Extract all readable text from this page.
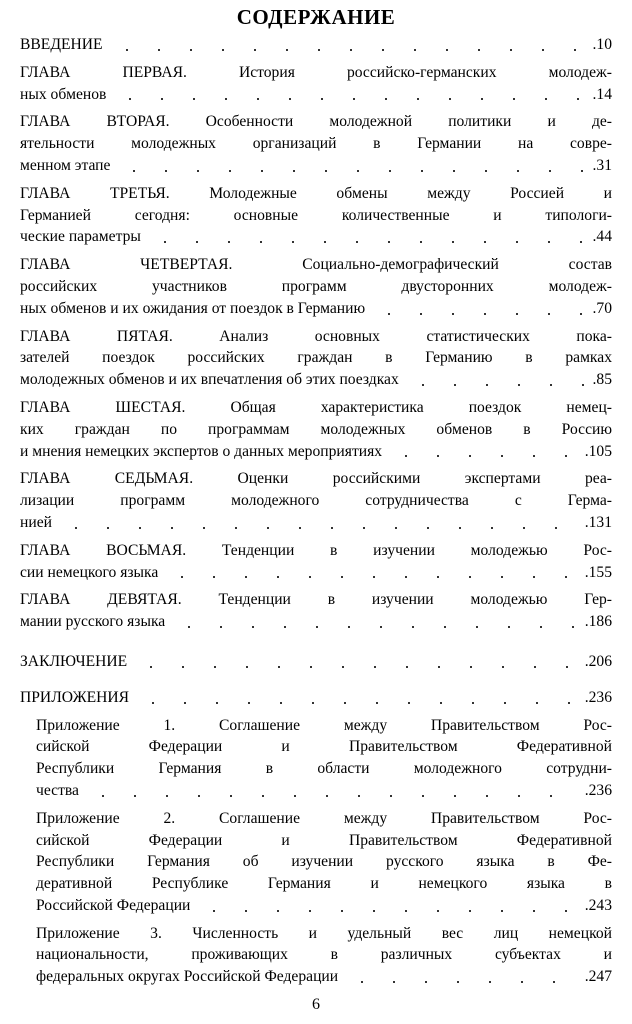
СОДЕРЖАНИЕ
ВВЕДЕНИЕ	.10
ГЛАВА ПЕРВАЯ. История российско-германских молодеж-
ных обменов	.14
ГЛАВА ВТОРАЯ. Особенности молодежной политики и де-
ятельности молодежных организаций в Германии на совре-
менном этапе	.31
ГЛАВА ТРЕТЬЯ. Молодежные обмены между Россией и
Германией сегодня: основные количественные и типологи-
ческие параметры	.44
ГЛАВА ЧЕТВЕРТАЯ. Социально-демографический состав
российских участников программ двусторонних молодеж-
ных обменов и их ожидания от поездок в Германию	.70
ГЛАВА ПЯТАЯ. Анализ основных статистических пока-
зателей поездок российских граждан в Германию в рамках
молодежных обменов и их впечатления об этих поездках	.85
ГЛАВА ШЕСТАЯ. Общая характеристика поездок немец-
ких граждан по программам молодежных обменов в Россию
и мнения немецких экспертов о данных мероприятиях	.105
ГЛАВА СЕДЬМАЯ. Оценки российскими экспертами реа-
лизации программ молодежного сотрудничества с Герма-
нией	.131
ГЛАВА ВОСЬМАЯ. Тенденции в изучении молодежью Рос-
сии немецкого языка	.155
ГЛАВА ДЕВЯТАЯ. Тенденции в изучении молодежью Гер-
мании русского языка	.186
ЗАКЛЮЧЕНИЕ	.206
ПРИЛОЖЕНИЯ	.236
Приложение 1. Соглашение между Правительством Рос-
сийской Федерации и Правительством Федеративной
Республики Германия в области молодежного сотрудни-
чества	.236
Приложение 2. Соглашение между Правительством Рос-
сийской Федерации и Правительством Федеративной
Республики Германия об изучении русского языка в Фе-
деративной Республике Германия и немецкого языка в
Российской Федерации	.243
Приложение 3. Численность и удельный вес лиц немецкой
национальности, проживающих в различных субъектах и
федеральных округах Российской Федерации	.247
6
